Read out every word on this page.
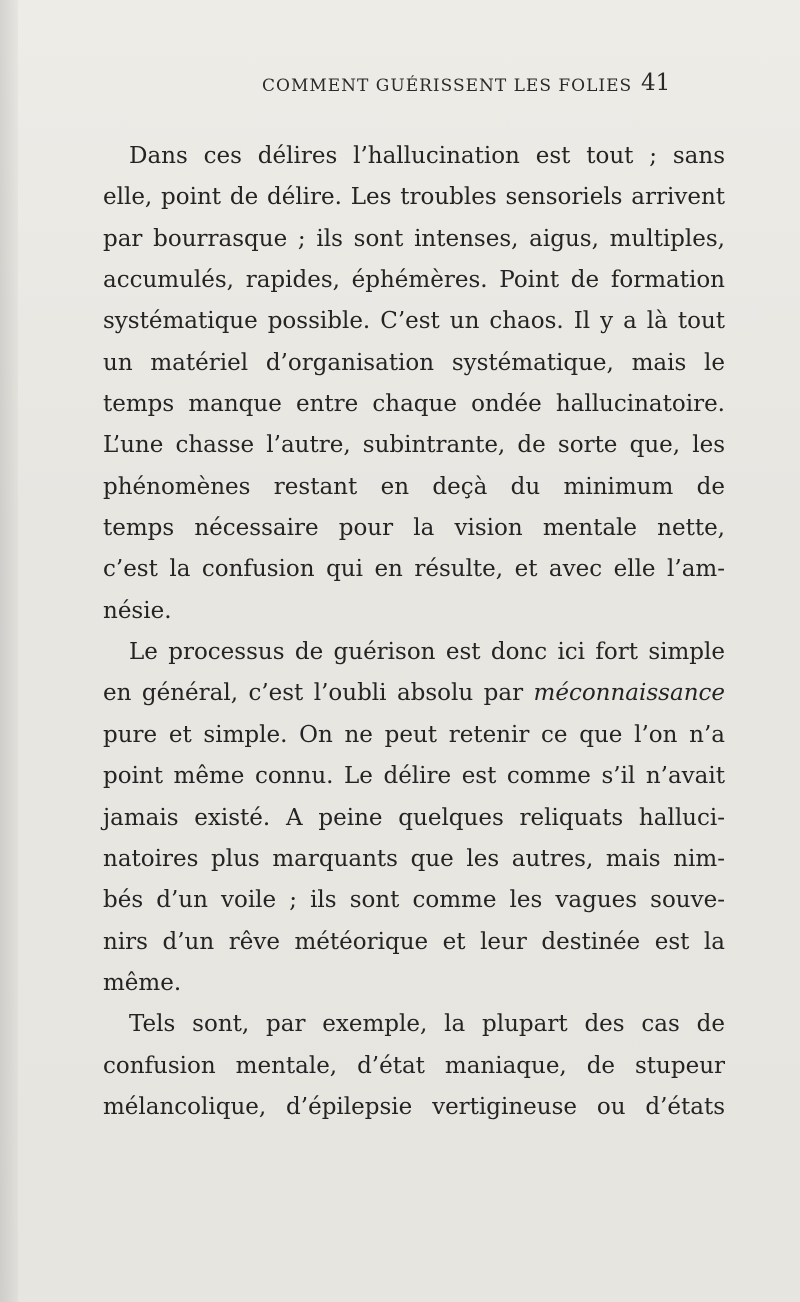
COMMENT GUÉRISSENT LES FOLIES 41
Dans ces délires l’hallucination est tout ; sans
elle, point de délire. Les troubles sensoriels arrivent
par bourrasque ; ils sont intenses, aigus, multiples,
accumulés, rapides, éphémères. Point de formation
systématique possible. C’est un chaos. Il y a là tout
un matériel d’organisation systématique, mais le
temps manque entre chaque ondée hallucinatoire.
L’une chasse l’autre, subintrante, de sorte que, les
phénomènes restant en deçà du minimum de
temps nécessaire pour la vision mentale nette,
c’est la confusion qui en résulte, et avec elle l’am-
nésie.
Le processus de guérison est donc ici fort simple
en général, c’est l’oubli absolu par méconnaissance
pure et simple. On ne peut retenir ce que l’on n’a
point même connu. Le délire est comme s’il n’avait
jamais existé. A peine quelques reliquats halluci-
natoires plus marquants que les autres, mais nim-
bés d’un voile ; ils sont comme les vagues souve-
nirs d’un rêve météorique et leur destinée est la
même.
Tels sont, par exemple, la plupart des cas de
confusion mentale, d’état maniaque, de stupeur
mélancolique, d’épilepsie vertigineuse ou d’états
